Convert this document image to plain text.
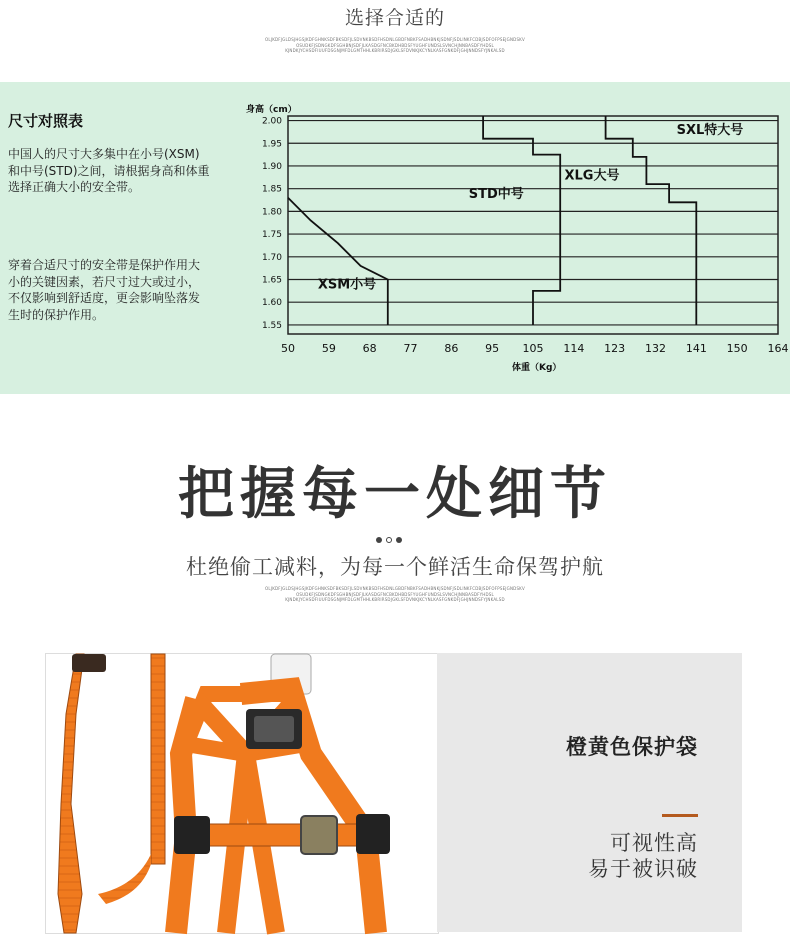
选择合适的
OLJKDFJGLDSJHGSJKDFGHNKSDFBKSDFJLSDVNKBSDFHSDNLGBDFNBKFSADHBNKJSDNFJSDLINKFCDBJSDFOFPSEJGNDSKV
OSUDKFJSDNGKDFSGHBNJSDFJLKASDGFNCBKDHBDSFYUGHFUNDSLSVNCHJNNBASDFYHDSL
KJNDKJYCHSDFIUUFDSGNJMFDLGMTHHLKBRIRSDJGKLSFDVNKJKCYNLKASFGNKDFJGHJNNDSFYJNKALSD
尺寸对照表
中国人的尺寸大多集中在小号(XSM)
和中号(STD)之间，请根据身高和体重
选择正确大小的安全带。
穿着合适尺寸的安全带是保护作用大
小的关键因素，若尺寸过大或过小，
不仅影响到舒适度，更会影响坠落发
生时的保护作用。
2.00
1.95
1.90
1.85
1.80
1.75
1.70
1.65
1.60
1.55
50 59 68 77 86 95 105 114 123 132 141 150 164
身高（cm）
体重（Kg）
XSM小号
STD中号
XLG大号
SXL特大号
把握每一处细节
杜绝偷工减料，为每一个鲜活生命保驾护航
OLJKDFJGLDSJHGSJKDFGHNKSDFBKSDFJLSDVNKBSDFHSDNLGBDFNBKFSADHBNKJSDNFJSDLINKFCDBJSDFOFPSEJGNDSKV
OSUDKFJSDNGKDFSGHBNJSDFJLKASDGFNCBKDHBDSFYUGHFUNDSLSVNCHJNNBASDFYHDSL
KJNDKJYCHSDFIUUFDSGNJMFDLGMTHHLKBRIRSDJGKLSFDVNKJKCYNLKASFGNKDFJGHJNNDSFYJNKALSD
橙黄色保护袋
可视性高
易于被识破
